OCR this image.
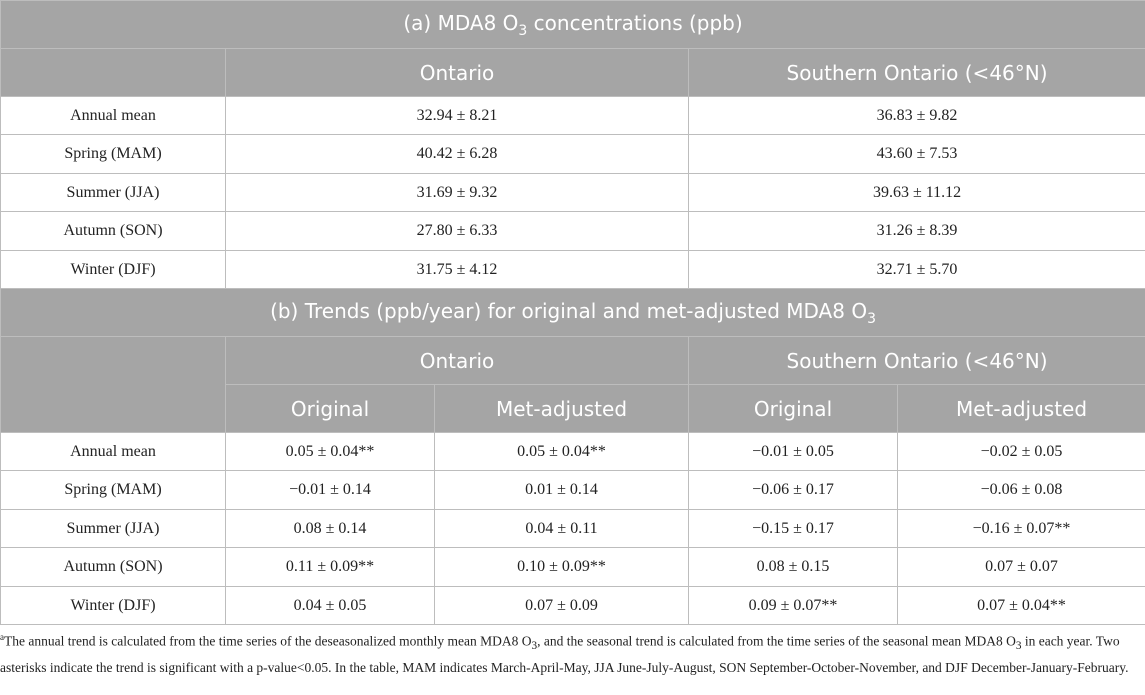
(a) MDA8 $O_3$ concentrations (ppb)				
	Ontario		Southern Ontario (<46°N)	
Annual mean	32.94 ± 8.21		36.83 ± 9.82	
Spring (MAM)	40.42 ± 6.28		43.60 ± 7.53	
Summer (JJA)	31.69 ± 9.32		39.63 ± 11.12	
Autumn (SON)	27.80 ± 6.33		31.26 ± 8.39	
Winter (DJF)	31.75 ± 4.12		32.71 ± 5.70	
(b) Trends (ppb/year) for original and met-adjusted MDA8 $O_3$
	Ontario		Southern Ontario (<46°N)	
	Original	Met-adjusted	Original	Met-adjusted
Annual mean	0.05 ± 0.04**	0.05 ± 0.04**	−0.01 ± 0.05	−0.02 ± 0.05
Spring (MAM)	−0.01 ± 0.14	0.01 ± 0.14	−0.06 ± 0.17	−0.06 ± 0.08
Summer (JJA)	0.08 ± 0.14	0.04 ± 0.11	−0.15 ± 0.17	−0.16 ± 0.07**
Autumn (SON)	0.11 ± 0.09**	0.10 ± 0.09**	0.08 ± 0.15	0.07 ± 0.07
Winter (DJF)	0.04 ± 0.05	0.07 ± 0.09	0.09 ± 0.07**	0.07 ± 0.04**
$^a$The annual trend is calculated from the time series of the deseasonalized monthly mean MDA8 $O_3$, and the seasonal trend is calculated from the time series of the seasonal mean MDA8 $O_3$ in each year. Two asterisks indicate the trend is significant with a p-value<0.05. In the table, MAM indicates March-April-May, JJA June-July-August, SON September-October-November, and DJF December-January-February.
